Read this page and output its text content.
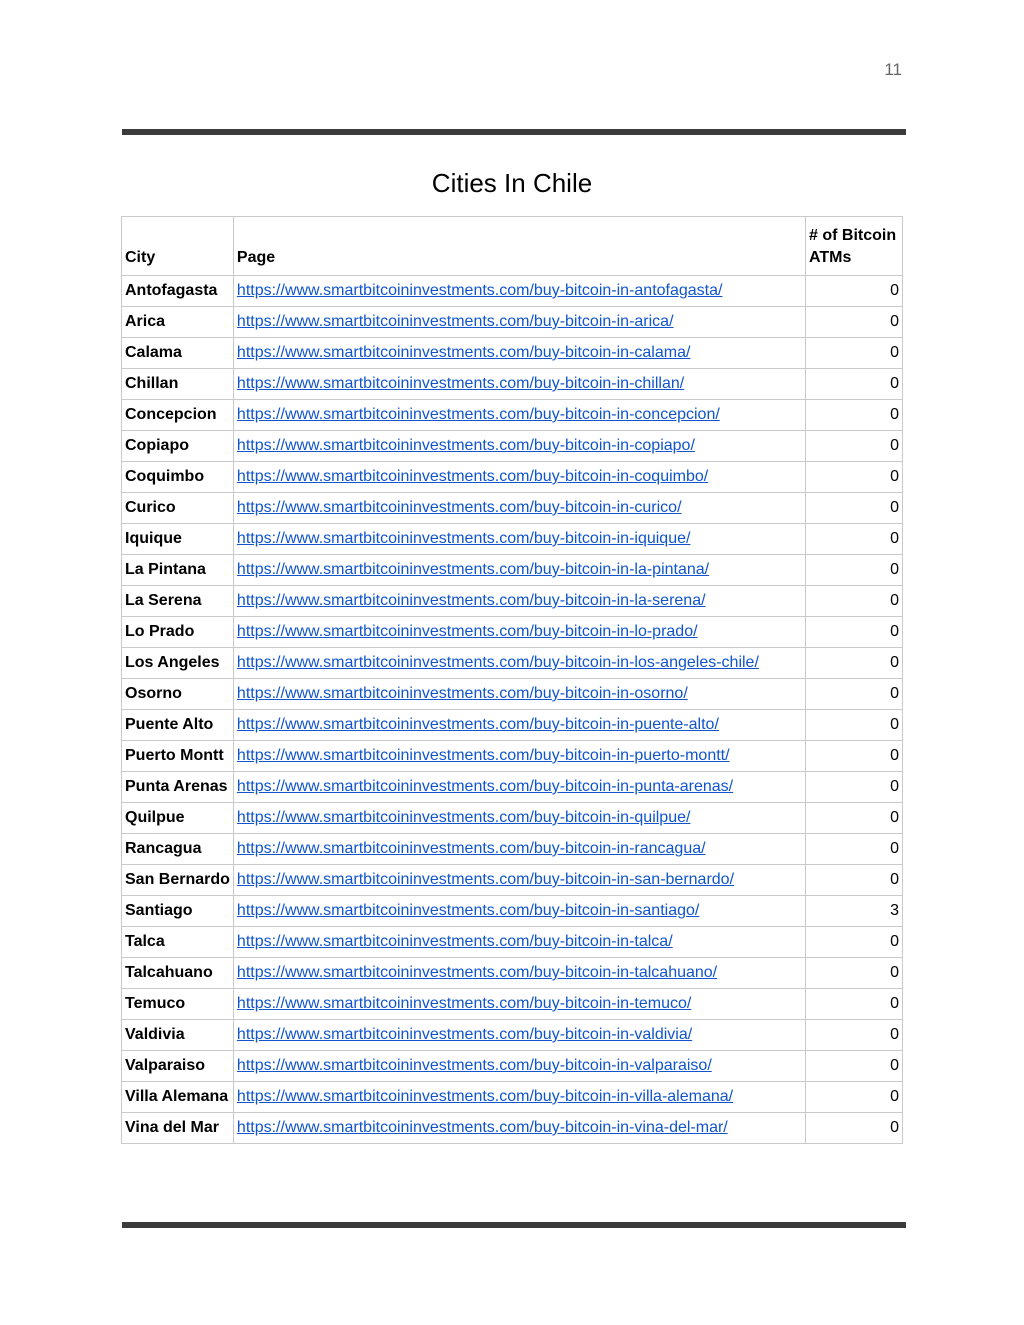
11
Cities In Chile
City	Page	# of Bitcoin ATMs
Antofagasta	https://www.smartbitcoininvestments.com/buy-bitcoin-in-antofagasta/	0
Arica	https://www.smartbitcoininvestments.com/buy-bitcoin-in-arica/	0
Calama	https://www.smartbitcoininvestments.com/buy-bitcoin-in-calama/	0
Chillan	https://www.smartbitcoininvestments.com/buy-bitcoin-in-chillan/	0
Concepcion	https://www.smartbitcoininvestments.com/buy-bitcoin-in-concepcion/	0
Copiapo	https://www.smartbitcoininvestments.com/buy-bitcoin-in-copiapo/	0
Coquimbo	https://www.smartbitcoininvestments.com/buy-bitcoin-in-coquimbo/	0
Curico	https://www.smartbitcoininvestments.com/buy-bitcoin-in-curico/	0
Iquique	https://www.smartbitcoininvestments.com/buy-bitcoin-in-iquique/	0
La Pintana	https://www.smartbitcoininvestments.com/buy-bitcoin-in-la-pintana/	0
La Serena	https://www.smartbitcoininvestments.com/buy-bitcoin-in-la-serena/	0
Lo Prado	https://www.smartbitcoininvestments.com/buy-bitcoin-in-lo-prado/	0
Los Angeles	https://www.smartbitcoininvestments.com/buy-bitcoin-in-los-angeles-chile/	0
Osorno	https://www.smartbitcoininvestments.com/buy-bitcoin-in-osorno/	0
Puente Alto	https://www.smartbitcoininvestments.com/buy-bitcoin-in-puente-alto/	0
Puerto Montt	https://www.smartbitcoininvestments.com/buy-bitcoin-in-puerto-montt/	0
Punta Arenas	https://www.smartbitcoininvestments.com/buy-bitcoin-in-punta-arenas/	0
Quilpue	https://www.smartbitcoininvestments.com/buy-bitcoin-in-quilpue/	0
Rancagua	https://www.smartbitcoininvestments.com/buy-bitcoin-in-rancagua/	0
San Bernardo	https://www.smartbitcoininvestments.com/buy-bitcoin-in-san-bernardo/	0
Santiago	https://www.smartbitcoininvestments.com/buy-bitcoin-in-santiago/	3
Talca	https://www.smartbitcoininvestments.com/buy-bitcoin-in-talca/	0
Talcahuano	https://www.smartbitcoininvestments.com/buy-bitcoin-in-talcahuano/	0
Temuco	https://www.smartbitcoininvestments.com/buy-bitcoin-in-temuco/	0
Valdivia	https://www.smartbitcoininvestments.com/buy-bitcoin-in-valdivia/	0
Valparaiso	https://www.smartbitcoininvestments.com/buy-bitcoin-in-valparaiso/	0
Villa Alemana	https://www.smartbitcoininvestments.com/buy-bitcoin-in-villa-alemana/	0
Vina del Mar	https://www.smartbitcoininvestments.com/buy-bitcoin-in-vina-del-mar/	0
